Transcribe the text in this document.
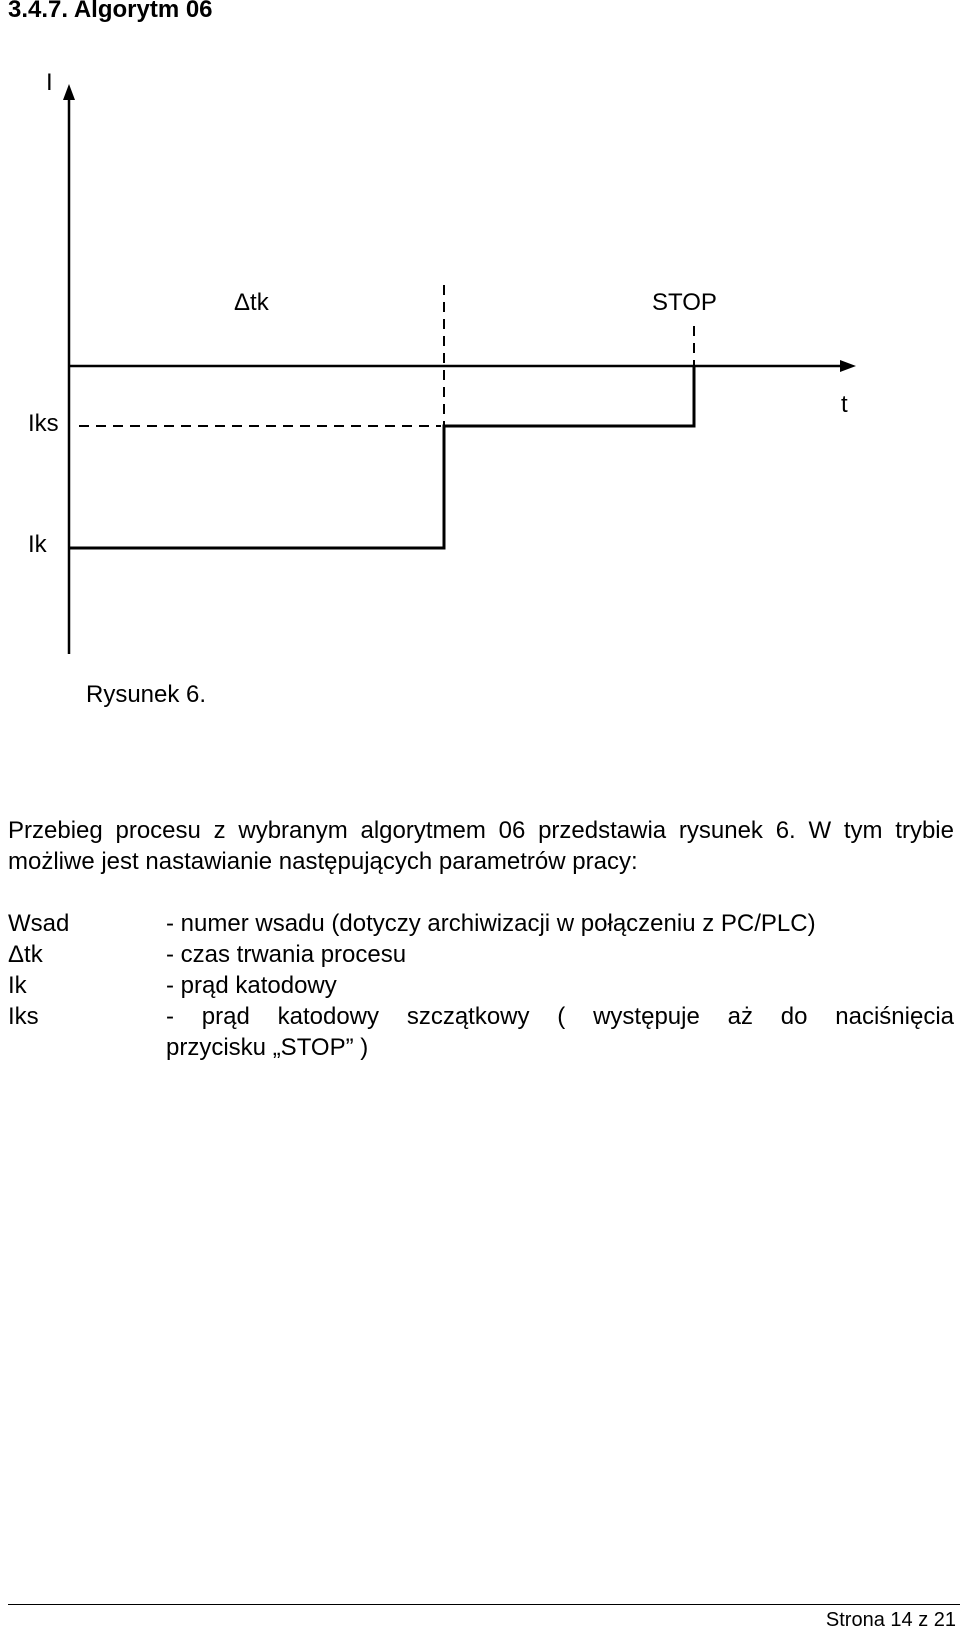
3.4.7. Algorytm 06
I
Δtk	STOP
t
Iks
Ik
Rysunek 6.

Przebieg procesu z wybranym algorytmem 06 przedstawia rysunek 6. W tym trybie możliwe jest nastawianie następujących parametrów pracy:

Wsad	- numer wsadu (dotyczy archiwizacji w połączeniu z PC/PLC)
Δtk	- czas trwania procesu
Ik	- prąd katodowy
Iks	- prąd katodowy szczątkowy ( występuje aż do naciśnięcia
przycisku „STOP” )
Strona 14 z 21
